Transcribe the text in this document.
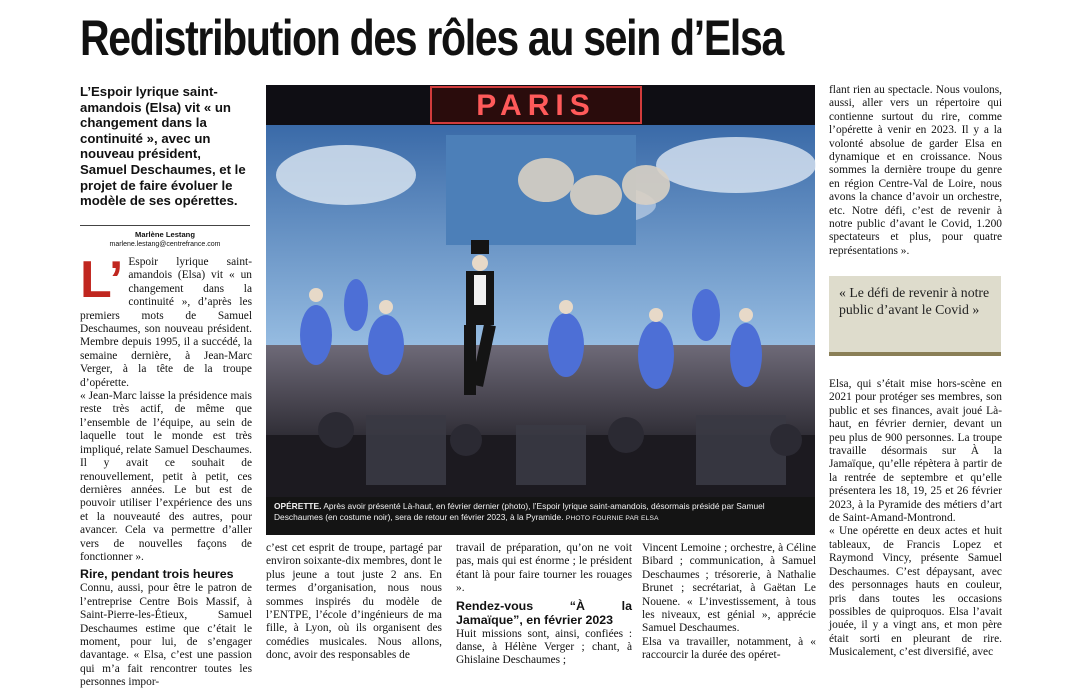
Redistribution des rôles au sein d’Elsa
L’Espoir lyrique saint-amandois (Elsa) vit « un changement dans la continuité », avec un nouveau président, Samuel Deschaumes, et le projet de faire évoluer le modèle de ses opérettes.
Marlène Lestang
marlene.lestang@centrefrance.com
L’ Espoir lyrique saint-amandois (Elsa) vit « un changement dans la continuité », d’après les premiers mots de Samuel Deschaumes, son nouveau président. Membre depuis 1995, il a succédé, la semaine dernière, à Jean-Marc Verger, à la tête de la troupe d’opérette.

« Jean-Marc laisse la présidence mais reste très actif, de même que l’ensemble de l’équipe, au sein de laquelle tout le monde est très impliqué, relate Samuel Deschaumes. Il y avait ce souhait de renouvellement, petit à petit, ces dernières années. Le but est de pouvoir utiliser l’expérience des uns et la nouveauté des autres, pour avancer. Cela va permettre d’aller vers de nouvelles façons de fonctionner ».

Rire, pendant trois heures

Connu, aussi, pour être le patron de l’entreprise Centre Bois Massif, à Saint-Pierre-les-Étieux, Samuel Deschaumes estime que c’était le moment, pour lui, de s’engager davantage. « Elsa, c’est une passion qui m’a fait rencontrer toutes les personnes impor-

PARIS
OPÉRETTE. Après avoir présenté Là-haut, en février dernier (photo), l’Espoir lyrique saint-amandois, désormais présidé par Samuel Deschaumes (en costume noir), sera de retour en février 2023, à la Pyramide. PHOTO FOURNIE PAR ELSA

c’est cet esprit de troupe, partagé par environ soixante-dix membres, dont le plus jeune a tout juste 2 ans. En termes d’organisation, nous nous sommes inspirés du modèle de l’ENTPE, l’école d’ingénieurs de ma fille, à Lyon, où ils organisent des comédies musicales. Nous allons, donc, avoir des responsables de

travail de préparation, qu’on ne voit pas, mais qui est énorme ; le président étant là pour faire tourner les rouages ».

Rendez-vous “À la Jamaïque”, en février 2023

Huit missions sont, ainsi, confiées : danse, à Hélène Verger ; chant, à Ghislaine Deschaumes ;

Vincent Lemoine ; orchestre, à Céline Bibard ; communication, à Samuel Deschaumes ; trésorerie, à Nathalie Brunet ; secrétariat, à Gaëtan Le Nouene. « L’investissement, à tous les niveaux, est génial », apprécie Samuel Deschaumes.

Elsa va travailler, notamment, à « raccourcir la durée des opéret-

flant rien au spectacle. Nous voulons, aussi, aller vers un répertoire qui contienne surtout du rire, comme l’opérette à venir en 2023. Il y a la volonté absolue de garder Elsa en dynamique et en croissance. Nous sommes la dernière troupe du genre en région Centre-Val de Loire, nous avons la chance d’avoir un orchestre, etc. Notre défi, c’est de revenir à notre public d’avant le Covid, 1.200 spectateurs et plus, pour quatre représentations ».

« Le défi de revenir à notre public d’avant le Covid »

Elsa, qui s’était mise hors-scène en 2021 pour protéger ses membres, son public et ses finances, avait joué Là-haut, en février dernier, devant un peu plus de 900 personnes. La troupe travaille désormais sur À la Jamaïque, qu’elle répètera à partir de la rentrée de septembre et qu’elle présentera les 18, 19, 25 et 26 février 2023, à la Pyramide des métiers d’art de Saint-Amand-Montrond.

« Une opérette en deux actes et huit tableaux, de Francis Lopez et Raymond Vincy, présente Samuel Deschaumes. C’est dépaysant, avec des personnages hauts en couleur, pris dans toutes les occasions possibles de quiproquos. Elsa l’avait jouée, il y a vingt ans, et mon père était sorti en pleurant de rire. Musicalement, c’est diversifié, avec
